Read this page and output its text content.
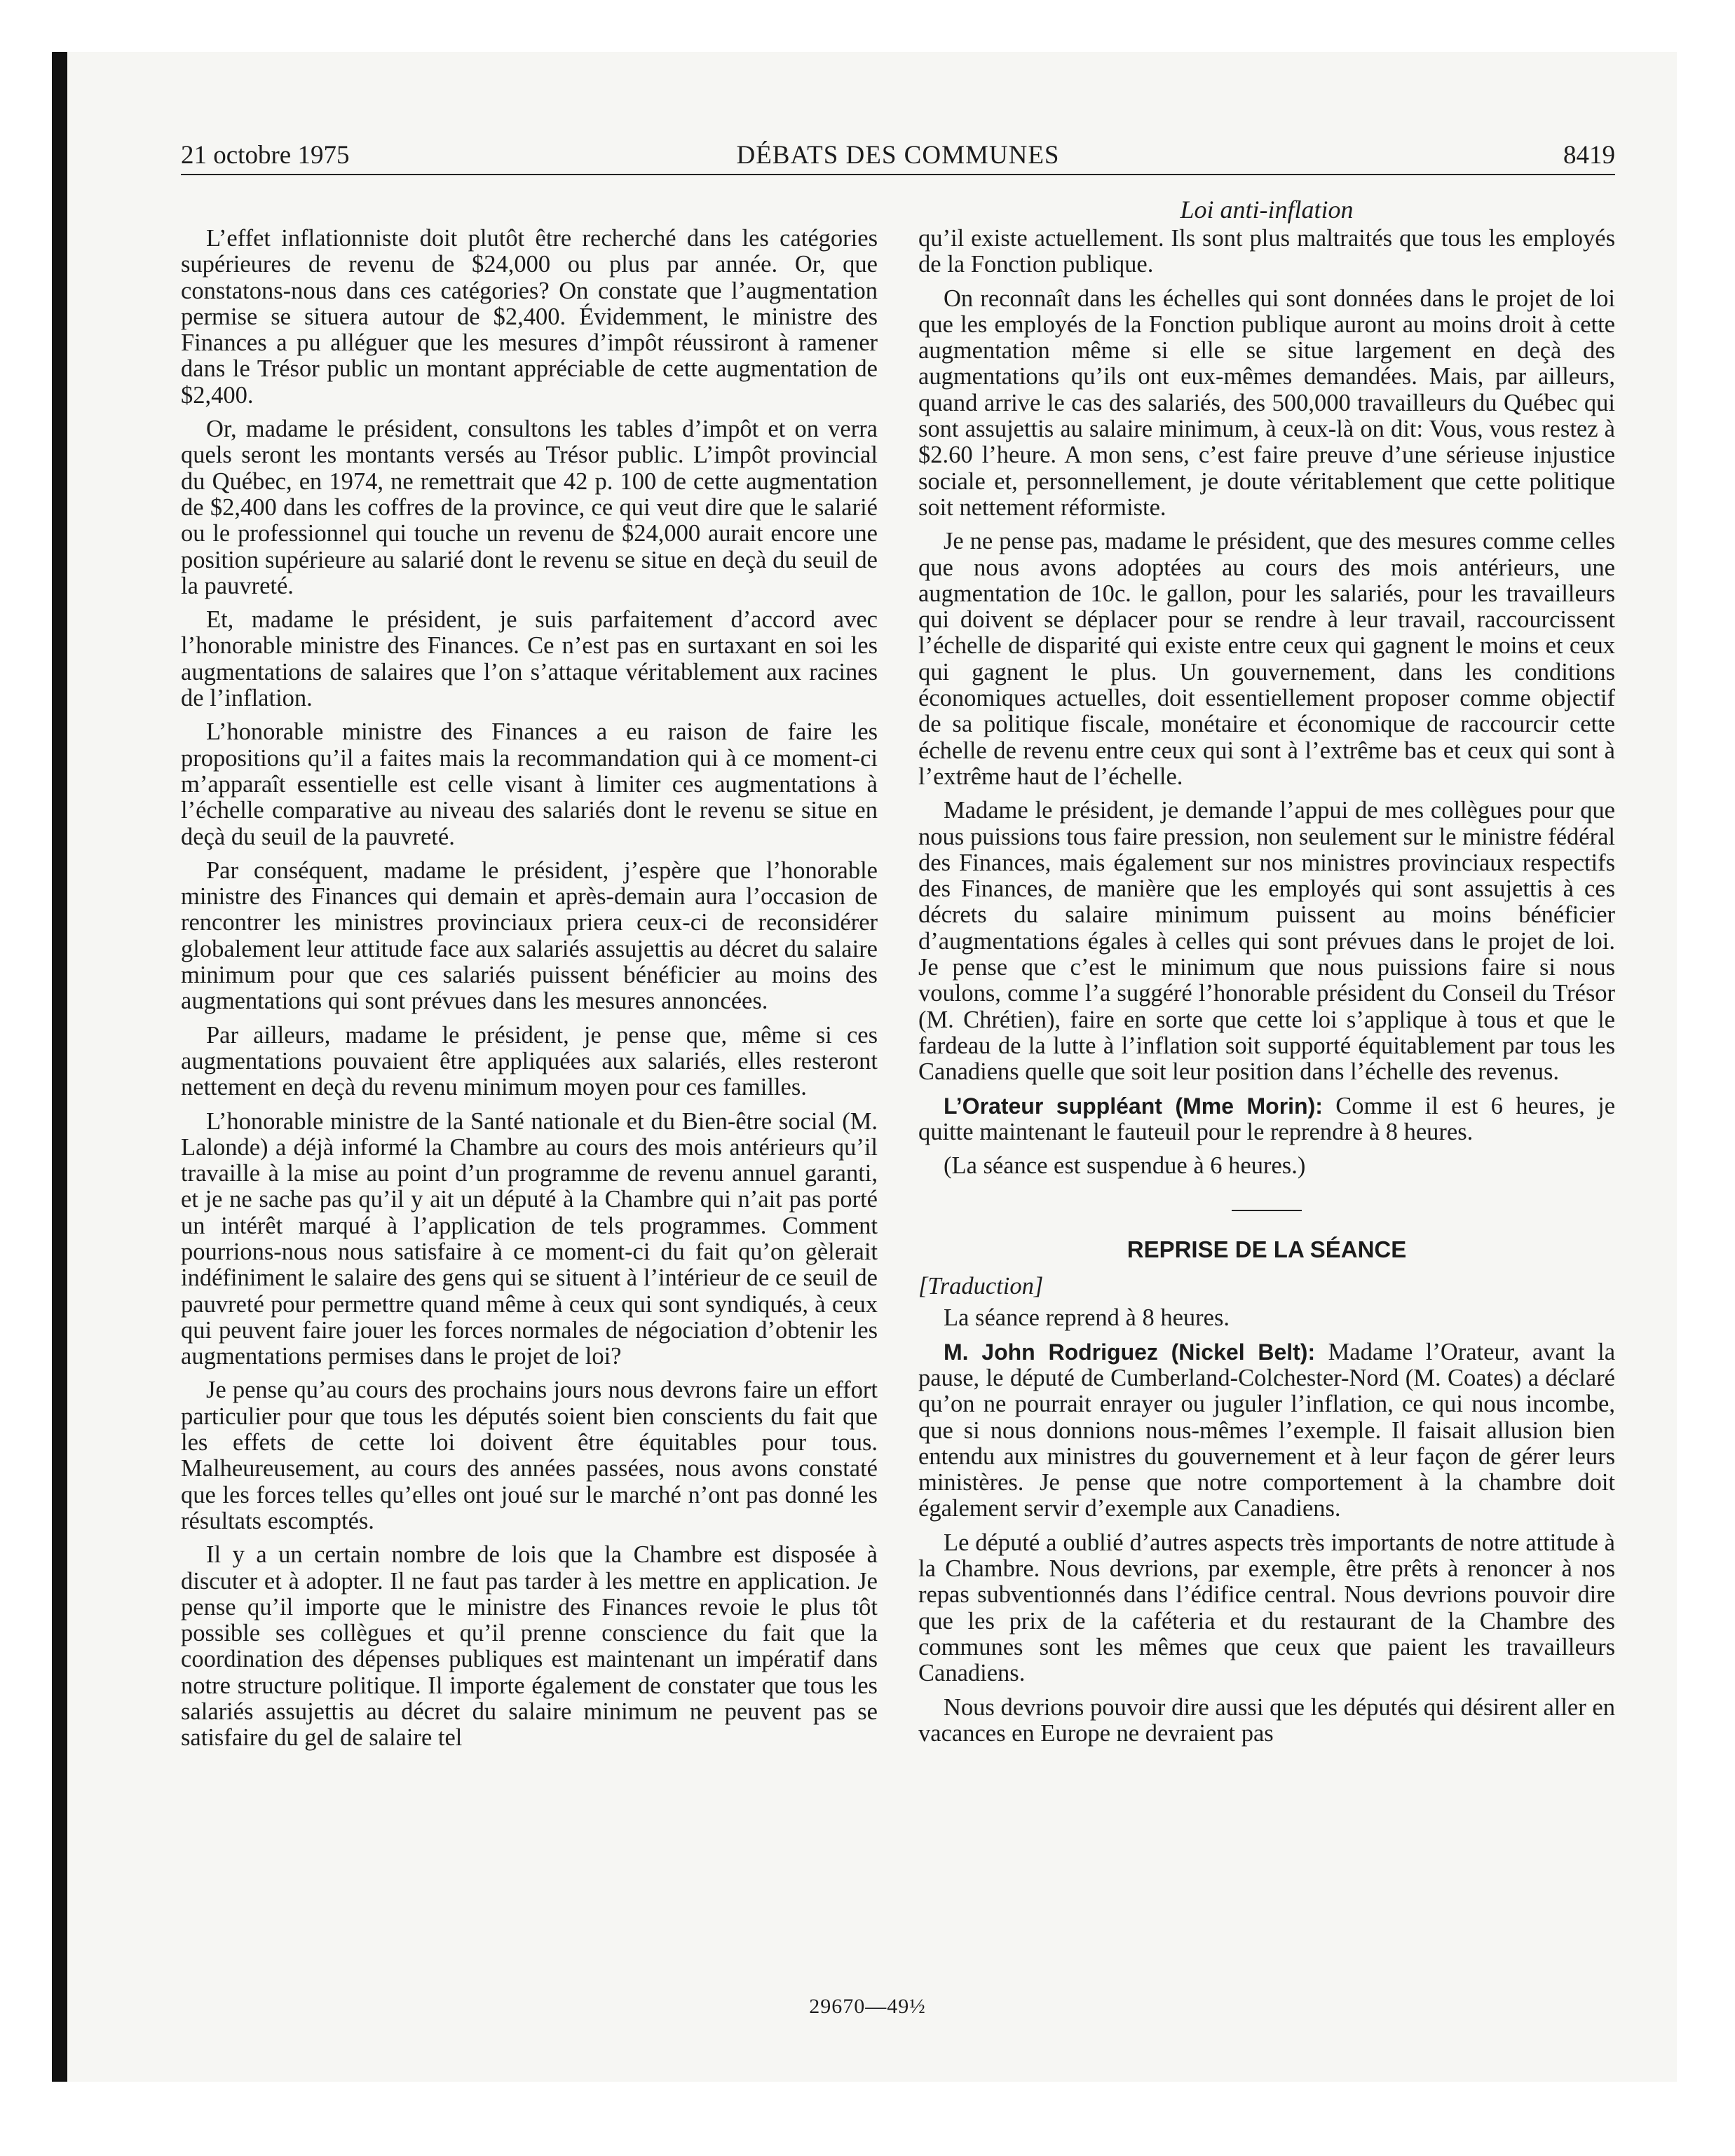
21 octobre 1975	DÉBATS DES COMMUNES	8419
Loi anti-inflation

L’effet inflationniste doit plutôt être recherché dans les catégories supérieures de revenu de $24,000 ou plus par année. Or, que constatons-nous dans ces catégories? On constate que l’augmentation permise se situera autour de $2,400. Évidemment, le ministre des Finances a pu alléguer que les mesures d’impôt réussiront à ramener dans le Trésor public un montant appréciable de cette augmentation de $2,400.

Or, madame le président, consultons les tables d’impôt et on verra quels seront les montants versés au Trésor public. L’impôt provincial du Québec, en 1974, ne remettrait que 42 p. 100 de cette augmentation de $2,400 dans les coffres de la province, ce qui veut dire que le salarié ou le professionnel qui touche un revenu de $24,000 aurait encore une position supérieure au salarié dont le revenu se situe en deçà du seuil de la pauvreté.

Et, madame le président, je suis parfaitement d’accord avec l’honorable ministre des Finances. Ce n’est pas en surtaxant en soi les augmentations de salaires que l’on s’attaque véritablement aux racines de l’inflation.

L’honorable ministre des Finances a eu raison de faire les propositions qu’il a faites mais la recommandation qui à ce moment-ci m’apparaît essentielle est celle visant à limiter ces augmentations à l’échelle comparative au niveau des salariés dont le revenu se situe en deçà du seuil de la pauvreté.

Par conséquent, madame le président, j’espère que l’honorable ministre des Finances qui demain et après-demain aura l’occasion de rencontrer les ministres provinciaux priera ceux-ci de reconsidérer globalement leur attitude face aux salariés assujettis au décret du salaire minimum pour que ces salariés puissent bénéficier au moins des augmentations qui sont prévues dans les mesures annoncées.

Par ailleurs, madame le président, je pense que, même si ces augmentations pouvaient être appliquées aux salariés, elles resteront nettement en deçà du revenu minimum moyen pour ces familles.

L’honorable ministre de la Santé nationale et du Bien-être social (M. Lalonde) a déjà informé la Chambre au cours des mois antérieurs qu’il travaille à la mise au point d’un programme de revenu annuel garanti, et je ne sache pas qu’il y ait un député à la Chambre qui n’ait pas porté un intérêt marqué à l’application de tels programmes. Comment pourrions-nous nous satisfaire à ce moment-ci du fait qu’on gèlerait indéfiniment le salaire des gens qui se situent à l’intérieur de ce seuil de pauvreté pour permettre quand même à ceux qui sont syndiqués, à ceux qui peuvent faire jouer les forces normales de négociation d’obtenir les augmentations permises dans le projet de loi?

Je pense qu’au cours des prochains jours nous devrons faire un effort particulier pour que tous les députés soient bien conscients du fait que les effets de cette loi doivent être équitables pour tous. Malheureusement, au cours des années passées, nous avons constaté que les forces telles qu’elles ont joué sur le marché n’ont pas donné les résultats escomptés.

Il y a un certain nombre de lois que la Chambre est disposée à discuter et à adopter. Il ne faut pas tarder à les mettre en application. Je pense qu’il importe que le ministre des Finances revoie le plus tôt possible ses collègues et qu’il prenne conscience du fait que la coordination des dépenses publiques est maintenant un impératif dans notre structure politique. Il importe également de constater que tous les salariés assujettis au décret du salaire minimum ne peuvent pas se satisfaire du gel de salaire tel

qu’il existe actuellement. Ils sont plus maltraités que tous les employés de la Fonction publique.

On reconnaît dans les échelles qui sont données dans le projet de loi que les employés de la Fonction publique auront au moins droit à cette augmentation même si elle se situe largement en deçà des augmentations qu’ils ont eux-mêmes demandées. Mais, par ailleurs, quand arrive le cas des salariés, des 500,000 travailleurs du Québec qui sont assujettis au salaire minimum, à ceux-là on dit: Vous, vous restez à $2.60 l’heure. A mon sens, c’est faire preuve d’une sérieuse injustice sociale et, personnellement, je doute véritablement que cette politique soit nettement réformiste.

Je ne pense pas, madame le président, que des mesures comme celles que nous avons adoptées au cours des mois antérieurs, une augmentation de 10c. le gallon, pour les salariés, pour les travailleurs qui doivent se déplacer pour se rendre à leur travail, raccourcissent l’échelle de disparité qui existe entre ceux qui gagnent le moins et ceux qui gagnent le plus. Un gouvernement, dans les conditions économiques actuelles, doit essentiellement proposer comme objectif de sa politique fiscale, monétaire et économique de raccourcir cette échelle de revenu entre ceux qui sont à l’extrême bas et ceux qui sont à l’extrême haut de l’échelle.

Madame le président, je demande l’appui de mes collègues pour que nous puissions tous faire pression, non seulement sur le ministre fédéral des Finances, mais également sur nos ministres provinciaux respectifs des Finances, de manière que les employés qui sont assujettis à ces décrets du salaire minimum puissent au moins bénéficier d’augmentations égales à celles qui sont prévues dans le projet de loi. Je pense que c’est le minimum que nous puissions faire si nous voulons, comme l’a suggéré l’honorable président du Conseil du Trésor (M. Chrétien), faire en sorte que cette loi s’applique à tous et que le fardeau de la lutte à l’inflation soit supporté équitablement par tous les Canadiens quelle que soit leur position dans l’échelle des revenus.

L’Orateur suppléant (Mme Morin): Comme il est 6 heures, je quitte maintenant le fauteuil pour le reprendre à 8 heures.

(La séance est suspendue à 6 heures.)

REPRISE DE LA SÉANCE
[Traduction]

La séance reprend à 8 heures.

M. John Rodriguez (Nickel Belt): Madame l’Orateur, avant la pause, le député de Cumberland-Colchester-Nord (M. Coates) a déclaré qu’on ne pourrait enrayer ou juguler l’inflation, ce qui nous incombe, que si nous donnions nous-mêmes l’exemple. Il faisait allusion bien entendu aux ministres du gouvernement et à leur façon de gérer leurs ministères. Je pense que notre comportement à la chambre doit également servir d’exemple aux Canadiens.

Le député a oublié d’autres aspects très importants de notre attitude à la Chambre. Nous devrions, par exemple, être prêts à renoncer à nos repas subventionnés dans l’édifice central. Nous devrions pouvoir dire que les prix de la caféteria et du restaurant de la Chambre des communes sont les mêmes que ceux que paient les travailleurs Canadiens.

Nous devrions pouvoir dire aussi que les députés qui désirent aller en vacances en Europe ne devraient pas

29670—49½
